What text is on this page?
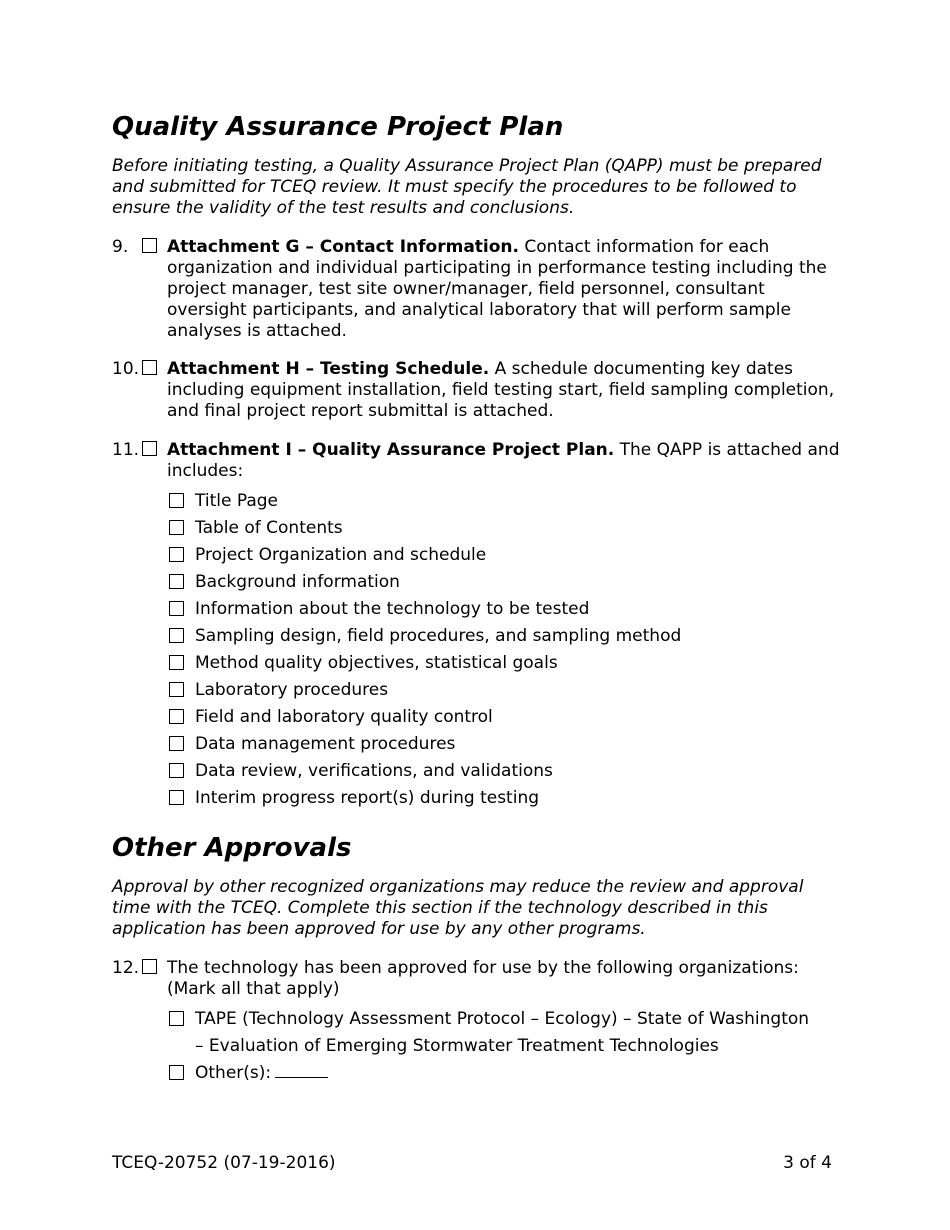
Quality Assurance Project Plan
Before initiating testing, a Quality Assurance Project Plan (QAPP) must be prepared and submitted for TCEQ review. It must specify the procedures to be followed to ensure the validity of the test results and conclusions.
9. Attachment G – Contact Information. Contact information for each organization and individual participating in performance testing including the project manager, test site owner/manager, field personnel, consultant oversight participants, and analytical laboratory that will perform sample analyses is attached.
10. Attachment H – Testing Schedule. A schedule documenting key dates including equipment installation, field testing start, field sampling completion, and final project report submittal is attached.
11. Attachment I – Quality Assurance Project Plan. The QAPP is attached and includes:
Title Page
Table of Contents
Project Organization and schedule
Background information
Information about the technology to be tested
Sampling design, field procedures, and sampling method
Method quality objectives, statistical goals
Laboratory procedures
Field and laboratory quality control
Data management procedures
Data review, verifications, and validations
Interim progress report(s) during testing
Other Approvals
Approval by other recognized organizations may reduce the review and approval time with the TCEQ. Complete this section if the technology described in this application has been approved for use by any other programs.
12. The technology has been approved for use by the following organizations: (Mark all that apply)
TAPE (Technology Assessment Protocol – Ecology) – State of Washington
– Evaluation of Emerging Stormwater Treatment Technologies
Other(s):
TCEQ-20752 (07-19-2016)	3 of 4
